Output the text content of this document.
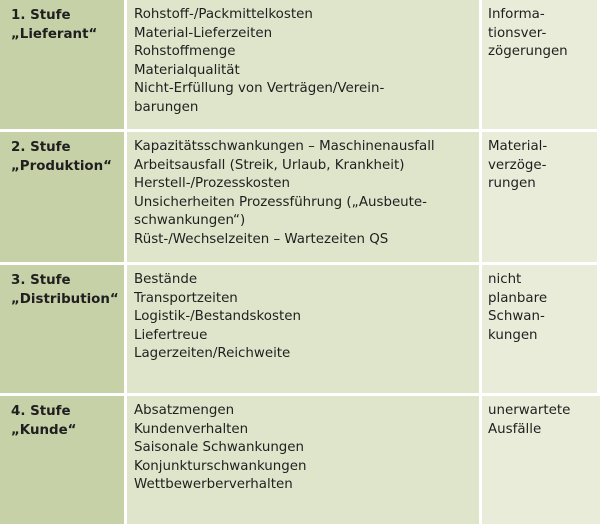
1. Stufe
„Lieferant“
Rohstoff-/Packmittelkosten
Material-Lieferzeiten
Rohstoffmenge
Materialqualität
Nicht-Erfüllung von Verträgen/Verein-
barungen
Informa-
tionsver-
zögerungen
2. Stufe
„Produktion“
Kapazitätsschwankungen – Maschinenausfall
Arbeitsausfall (Streik, Urlaub, Krankheit)
Herstell-/Prozesskosten
Unsicherheiten Prozessführung („Ausbeute-
schwankungen“)
Rüst-/Wechselzeiten – Wartezeiten QS
Material-
verzöge-
rungen
3. Stufe
„Distribution“
Bestände
Transportzeiten
Logistik-/Bestandskosten
Liefertreue
Lagerzeiten/Reichweite
nicht
planbare
Schwan-
kungen
4. Stufe
„Kunde“
Absatzmengen
Kundenverhalten
Saisonale Schwankungen
Konjunkturschwankungen
Wettbewerberverhalten
unerwartete
Ausfälle
